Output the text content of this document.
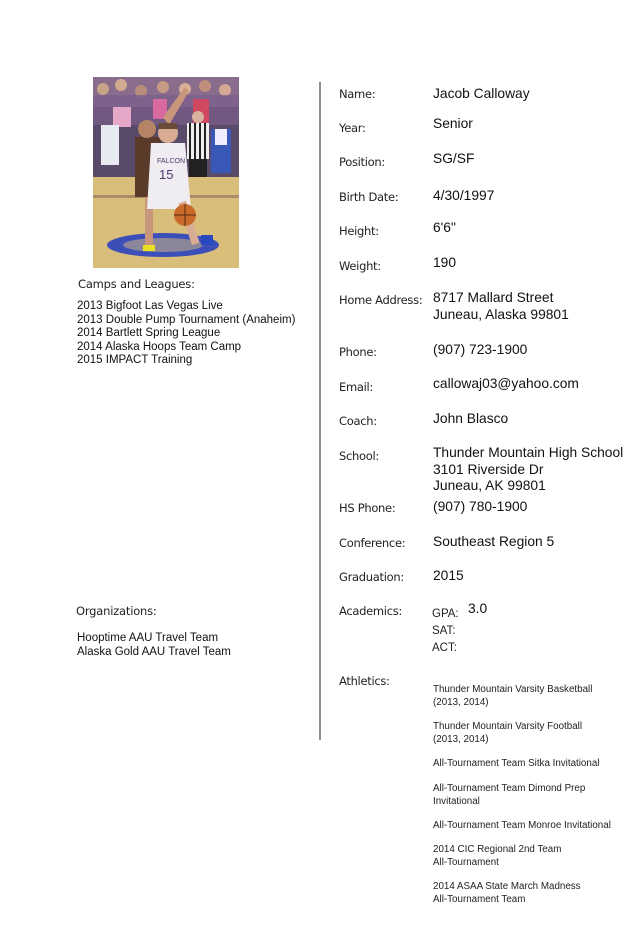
FALCON
15
Camps and Leagues:
2013 Bigfoot Las Vegas Live
2013 Double Pump Tournament (Anaheim)
2014 Bartlett Spring League
2014 Alaska Hoops Team Camp
2015 IMPACT Training
Organizations:
Hooptime AAU Travel Team
Alaska Gold AAU Travel Team
Name:	Jacob Calloway
Year:	Senior
Position:	SG/SF
Birth Date:	4/30/1997
Height:	6'6"
Weight:	190
Home Address: 8717 Mallard Street
Juneau, Alaska 99801
Phone:	(907) 723-1900
Email:	callowaj03@yahoo.com
Coach:	John Blasco
School:	Thunder Mountain High School
3101 Riverside Dr
Juneau, AK 99801
HS Phone:	(907) 780-1900
Conference: Southeast Region 5
Graduation: 2015
Academics:	GPA: 3.0
SAT:
ACT:
Athletics:
Thunder Mountain Varsity Basketball
(2013, 2014)
Thunder Mountain Varsity Football
(2013, 2014)
All-Tournament Team Sitka Invitational
All-Tournament Team Dimond Prep
Invitational
All-Tournament Team Monroe Invitational
2014 CIC Regional 2nd Team
All-Tournament
2014 ASAA State March Madness
All-Tournament Team
